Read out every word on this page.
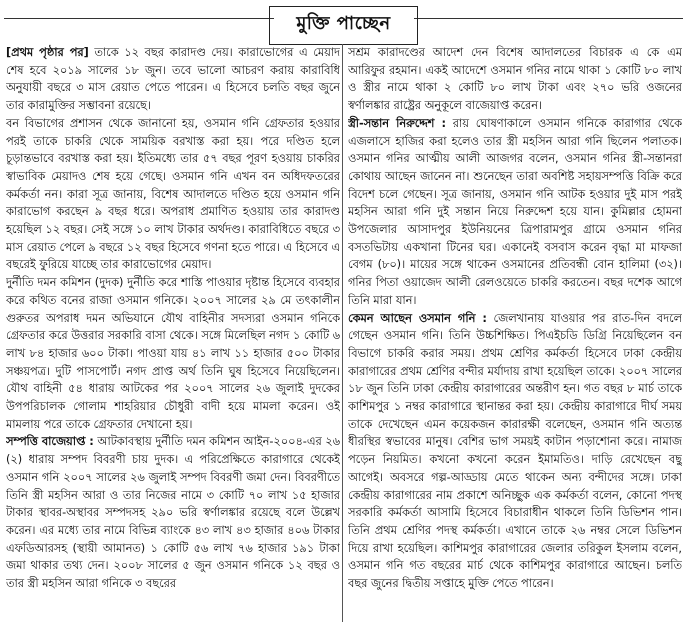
মুক্তি পাচ্ছেন

[প্রথম পৃষ্ঠার পর] তাকে ১২ বছর কারাদণ্ড দেয়। কারাভোগের এ মেয়াদ শেষ হবে ২০১৯ সালের ১৮ জুন। তবে ভালো আচরণ করায় কারাবিধি অনুযায়ী বছরে ৩ মাস রেয়াত পেতে পারেন। এ হিসেবে চলতি বছর জুনে তার কারামুক্তির সম্ভাবনা রয়েছে।

বন বিভাগের প্রশাসন থেকে জানানো হয়, ওসমান গনি গ্রেফতার হওয়ার পরই তাকে চাকরি থেকে সাময়িক বরখাস্ত করা হয়। পরে দণ্ডিত হলে চূড়ান্তভাবে বরখাস্ত করা হয়। ইতিমধ্যে তার ৫৭ বছর পূরণ হওয়ায় চাকরির স্বাভাবিক মেয়াদও শেষ হয়ে গেছে। ওসমান গনি এখন বন অধিদফতরের কর্মকর্তা নন। কারা সূত্র জানায়, বিশেষ আদালতে দণ্ডিত হয়ে ওসমান গনি কারাভোগ করছেন ৯ বছর ধরে। অপরাধ প্রমাণিত হওয়ায় তার কারাদণ্ড হয়েছিল ১২ বছর। সেই সঙ্গে ১০ লাখ টাকার অর্থদণ্ড। কারাবিধিতে বছরে ৩ মাস রেয়াত পেলে ৯ বছরে ১২ বছর হিসেবে গণনা হতে পারে। এ হিসেবে এ বছরেই ফুরিয়ে যাচ্ছে তার কারাভোগের মেয়াদ।

দুর্নীতি দমন কমিশন (দুদক) দুর্নীতি করে শাস্তি পাওয়ার দৃষ্টান্ত হিসেবে ব্যবহার করে কথিত বনের রাজা ওসমান গনিকে। ২০০৭ সালের ২৯ মে তৎকালীন গুরুতর অপরাধ দমন অভিযানে যৌথ বাহিনীর সদস্যরা ওসমান গনিকে গ্রেফতার করে উত্তরার সরকারি বাসা থেকে। সঙ্গে মিলেছিল নগদ ১ কোটি ৬ লাখ ৮৪ হাজার ৬০০ টাকা। পাওয়া যায় ৪১ লাখ ১১ হাজার ৫০০ টাকার সঞ্চয়পত্র। দুটি পাসপোর্ট। নগদ প্রাপ্ত অর্থ তিনি ঘুষ হিসেবে নিয়েছিলেন। যৌথ বাহিনী ৫৪ ধারায় আটকের পর ২০০৭ সালের ২৬ জুলাই দুদকের উপপরিচালক গোলাম শাহরিয়ার চৌধুরী বাদী হয়ে মামলা করেন। ওই মামলায় পরে তাকে গ্রেফতার দেখানো হয়।

সম্পত্তি বাজেয়াপ্ত : আটকাবস্থায় দুর্নীতি দমন কমিশন আইন-২০০৪-এর ২৬ (২) ধারায় সম্পদ বিবরণী চায় দুদক। এ পরিপ্রেক্ষিতে কারাগারে থেকেই ওসমান গনি ২০০৭ সালের ২৬ জুলাই সম্পদ বিবরণী জমা দেন। বিবরণীতে তিনি স্ত্রী মহসিন আরা ও তার নিজের নামে ৩ কোটি ৭০ লাখ ১৫ হাজার টাকার স্থাবর-অস্থাবর সম্পদসহ ২৯০ ভরি স্বর্ণালঙ্কার রয়েছে বলে উল্লেখ করেন। এর মধ্যে তার নামে বিভিন্ন ব্যাংকে ৪৩ লাখ ৪৩ হাজার ৪০৬ টাকার এফডিআরসহ (স্থায়ী আমানত) ১ কোটি ৫৬ লাখ ৭৬ হাজার ১৯১ টাকা জমা থাকার তথ্য দেন। ২০০৮ সালের ৫ জুন ওসমান গনিকে ১২ বছর ও তার স্ত্রী মহসিন আরা গনিকে ৩ বছরের

সশ্রম কারাদণ্ডের আদেশ দেন বিশেষ আদালতের বিচারক এ কে এম আরিফুর রহমান। একই আদেশে ওসমান গনির নামে থাকা ১ কোটি ৮০ লাখ ও স্ত্রীর নামে থাকা ২ কোটি ৮০ লাখ টাকা এবং ২৭০ ভরি ওজনের স্বর্ণালঙ্কার রাষ্ট্রের অনুকূলে বাজেয়াপ্ত করেন।

স্ত্রী-সন্তান নিরুদ্দেশ : রায় ঘোষণাকালে ওসমান গনিকে কারাগার থেকে এজলাসে হাজির করা হলেও তার স্ত্রী মহসিন আরা গনি ছিলেন পলাতক। ওসমান গনির আত্মীয় আলী আজগর বলেন, ওসমান গনির স্ত্রী-সন্তানরা কোথায় আছেন জানেন না। শুনেছেন তারা অবশিষ্ট সহায়সম্পত্তি বিক্রি করে বিদেশ চলে গেছেন। সূত্র জানায়, ওসমান গনি আটক হওয়ার দুই মাস পরই মহসিন আরা গনি দুই সন্তান নিয়ে নিরুদ্দেশ হয়ে যান। কুমিল্লার হোমনা উপজেলার আসাদপুর ইউনিয়নের ত্রিপারামপুর গ্রামে ওসমান গনির বসতভিটায় একখানা টিনের ঘর। একানেই বসবাস করেন বৃদ্ধা মা মাফজা বেগম (৮০)। মায়ের সঙ্গে থাকেন ওসমানের প্রতিবন্ধী বোন হালিমা (৩২)। গনির পিতা ওয়াজেদ আলী রেলওয়েতে চাকরি করতেন। বছর দশেক আগে তিনি মারা যান।

কেমন আছেন ওসমান গনি : জেলখানায় যাওয়ার পর রাত-দিন বদলে গেছেন ওসমান গনি। তিনি উচ্চশিক্ষিত। পিএইচডি ডিগ্রি নিয়েছিলেন বন বিভাগে চাকরি করার সময়। প্রথম শ্রেণির কর্মকর্তা হিসেবে ঢাকা কেন্দ্রীয় কারাগারের প্রথম শ্রেণির বন্দীর মর্যাদায় রাখা হয়েছিল তাকে। ২০০৭ সালের ১৮ জুন তিনি ঢাকা কেন্দ্রীয় কারাগারের অন্তরীণ হন। গত বছর ৮ মার্চ তাকে কাশিমপুর ১ নম্বর কারাগারে স্থানান্তর করা হয়। কেন্দ্রীয় কারাগারে দীর্ঘ সময় তাকে দেখেছেন এমন কয়েকজন কারারক্ষী বলেছেন, ওসমান গনি অত্যন্ত ধীরস্থির স্বভাবের মানুষ। বেশির ভাগ সময়ই কাটান পড়াশোনা করে। নামাজ পড়েন নিয়মিত। কখনো কখনো করেন ইমামতিও। দাড়ি রেখেছেন বছু আগেই। অবসরে গল্প-আড্ডায় মেতে থাকেন অন্য বন্দীদের সঙ্গে। ঢাকা কেন্দ্রীয় কারাগারের নাম প্রকাশে অনিচ্ছুক এক কর্মকর্তা বলেন, কোনো পদস্থ সরকারি কর্মকর্তা আসামি হিসেবে বিচারাধীন থাকলে তিনি ডিভিশন পান। তিনি প্রথম শ্রেণির পদস্থ কর্মকর্তা। এখানে তাকে ২৬ নম্বর সেলে ডিভিশন দিয়ে রাখা হয়েছিল। কাশিমপুর কারাগারের জেলার তরিকুল ইসলাম বলেন, ওসমান গনি গত বছরের মার্চ থেকে কাশিমপুর কারাগারে আছেন। চলতি বছর জুনের দ্বিতীয় সপ্তাহে মুক্তি পেতে পারেন।
